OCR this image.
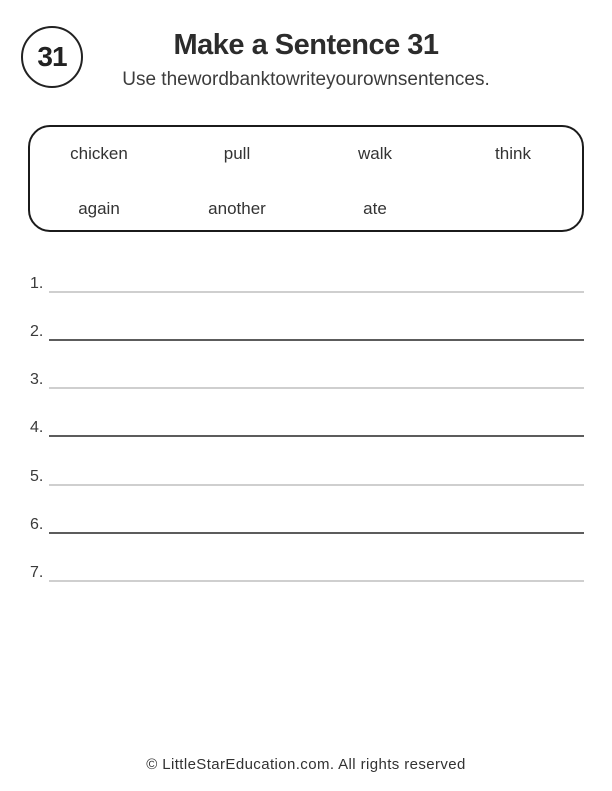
31	Make a Sentence 31
Use thewordbanktowriteyourownsentences.
chicken	pull	walk	think
again	another	ate
1.
2.
3.
4.
5.
6.
7.
© LittleStarEducation.com. All rights reserved
